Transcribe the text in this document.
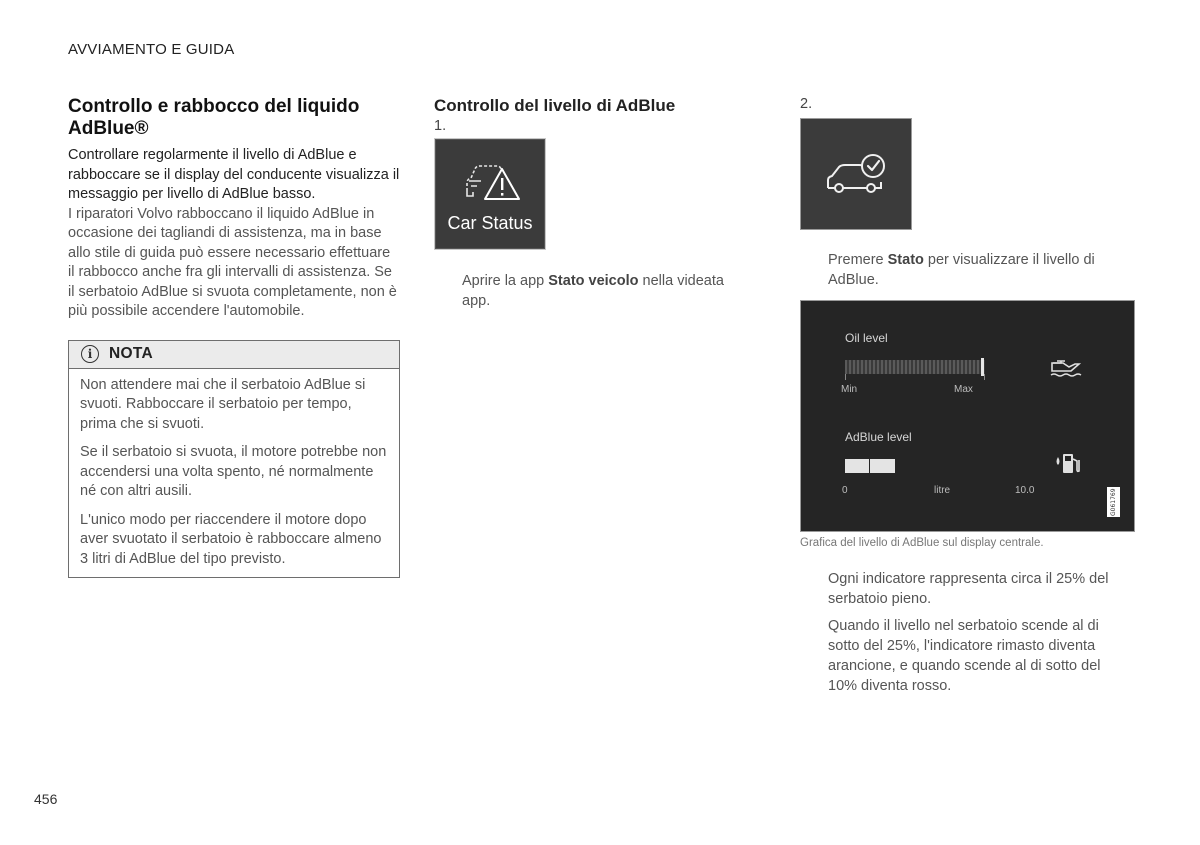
AVVIAMENTO E GUIDA
Controllo e rabbocco del liquido AdBlue®

Controllare regolarmente il livello di AdBlue e rabboccare se il display del conducente visualizza il messaggio per livello di AdBlue basso.

I riparatori Volvo rabboccano il liquido AdBlue in occasione dei tagliandi di assistenza, ma in base allo stile di guida può essere necessario effettuare il rabbocco anche fra gli intervalli di assistenza. Se il serbatoio AdBlue si svuota completamente, non è più possibile accendere l'automobile.

i	NOTA

Non attendere mai che il serbatoio AdBlue si svuoti. Rabboccare il serbatoio per tempo, prima che si svuoti.

Se il serbatoio si svuota, il motore potrebbe non accendersi una volta spento, né normalmente né con altri ausili.

L'unico modo per riaccendere il motore dopo aver svuotato il serbatoio è rabboccare almeno 3 litri di AdBlue del tipo previsto.

Controllo del livello di AdBlue
1.
Car Status
Aprire la app Stato veicolo nella videata app.
2.
Premere Stato per visualizzare il livello di AdBlue.
Oil level
Min	Max
AdBlue level
0	litre	10.0	G061769
Grafica del livello di AdBlue sul display centrale.
Ogni indicatore rappresenta circa il 25% del serbatoio pieno.
Quando il livello nel serbatoio scende al di sotto del 25%, l'indicatore rimasto diventa arancione, e quando scende al di sotto del 10% diventa rosso.
456
